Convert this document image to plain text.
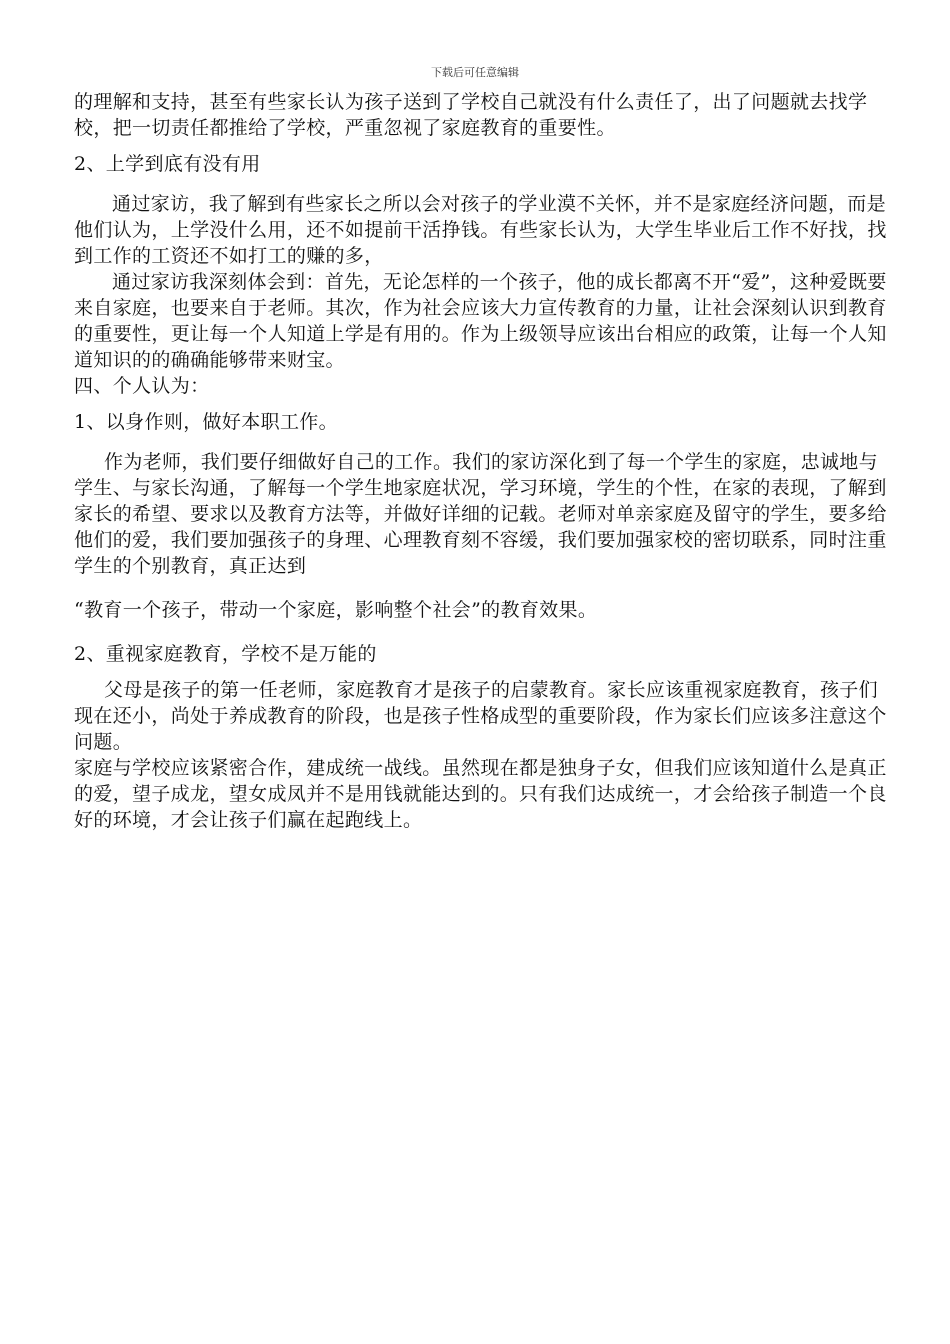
下载后可任意编辑

的理解和支持，甚至有些家长认为孩子送到了学校自己就没有什么责任了，出了问题就去找学校，把一切责任都推给了学校，严重忽视了家庭教育的重要性。

2、上学到底有没有用

通过家访，我了解到有些家长之所以会对孩子的学业漠不关怀，并不是家庭经济问题，而是他们认为，上学没什么用，还不如提前干活挣钱。有些家长认为，大学生毕业后工作不好找，找到工作的工资还不如打工的赚的多，

通过家访我深刻体会到：首先，无论怎样的一个孩子，他的成长都离不开“爱”，这种爱既要来自家庭，也要来自于老师。其次，作为社会应该大力宣传教育的力量，让社会深刻认识到教育的重要性，更让每一个人知道上学是有用的。作为上级领导应该出台相应的政策，让每一个人知道知识的的确确能够带来财宝。

四、个人认为：

1、以身作则，做好本职工作。

作为老师，我们要仔细做好自己的工作。我们的家访深化到了每一个学生的家庭，忠诚地与学生、与家长沟通，了解每一个学生地家庭状况，学习环境，学生的个性，在家的表现，了解到家长的希望、要求以及教育方法等，并做好详细的记载。老师对单亲家庭及留守的学生，要多给他们的爱，我们要加强孩子的身理、心理教育刻不容缓，我们要加强家校的密切联系，同时注重学生的个别教育，真正达到

“教育一个孩子，带动一个家庭，影响整个社会”的教育效果。

2、重视家庭教育，学校不是万能的

父母是孩子的第一任老师，家庭教育才是孩子的启蒙教育。家长应该重视家庭教育，孩子们现在还小，尚处于养成教育的阶段，也是孩子性格成型的重要阶段，作为家长们应该多注意这个问题。

家庭与学校应该紧密合作，建成统一战线。虽然现在都是独身子女，但我们应该知道什么是真正的爱，望子成龙，望女成凤并不是用钱就能达到的。只有我们达成统一，才会给孩子制造一个良好的环境，才会让孩子们赢在起跑线上。
